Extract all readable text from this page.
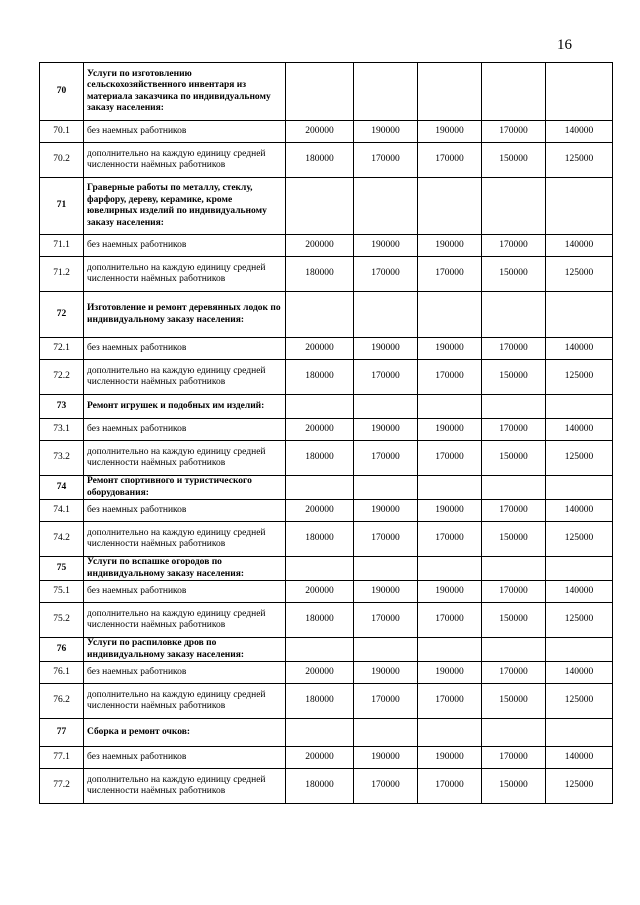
16
70	Услуги по изготовлению сельскохозяйственного инвентаря из материала заказчика по индивидуальному заказу населения:					
70.1	без наемных работников	200000	190000	190000	170000	140000
70.2	дополнительно на каждую единицу средней численности наёмных работников	180000	170000	170000	150000	125000
71	Граверные работы по металлу, стеклу, фарфору, дереву, керамике, кроме ювелирных изделий по индивидуальному заказу населения:					
71.1	без наемных работников	200000	190000	190000	170000	140000
71.2	дополнительно на каждую единицу средней численности наёмных работников	180000	170000	170000	150000	125000
72	Изготовление и ремонт деревянных лодок по индивидуальному заказу населения:					
72.1	без наемных работников	200000	190000	190000	170000	140000
72.2	дополнительно на каждую единицу средней численности наёмных работников	180000	170000	170000	150000	125000
73	Ремонт игрушек и подобных им изделий:					
73.1	без наемных работников	200000	190000	190000	170000	140000
73.2	дополнительно на каждую единицу средней численности наёмных работников	180000	170000	170000	150000	125000
74	Ремонт спортивного и туристического оборудования:					
74.1	без наемных работников	200000	190000	190000	170000	140000
74.2	дополнительно на каждую единицу средней численности наёмных работников	180000	170000	170000	150000	125000
75	Услуги по вспашке огородов по индивидуальному заказу населения:					
75.1	без наемных работников	200000	190000	190000	170000	140000
75.2	дополнительно на каждую единицу средней численности наёмных работников	180000	170000	170000	150000	125000
76	Услуги по распиловке дров по индивидуальному заказу населения:					
76.1	без наемных работников	200000	190000	190000	170000	140000
76.2	дополнительно на каждую единицу средней численности наёмных работников	180000	170000	170000	150000	125000
77	Сборка и ремонт очков:					
77.1	без наемных работников	200000	190000	190000	170000	140000
77.2	дополнительно на каждую единицу средней численности наёмных работников	180000	170000	170000	150000	125000
